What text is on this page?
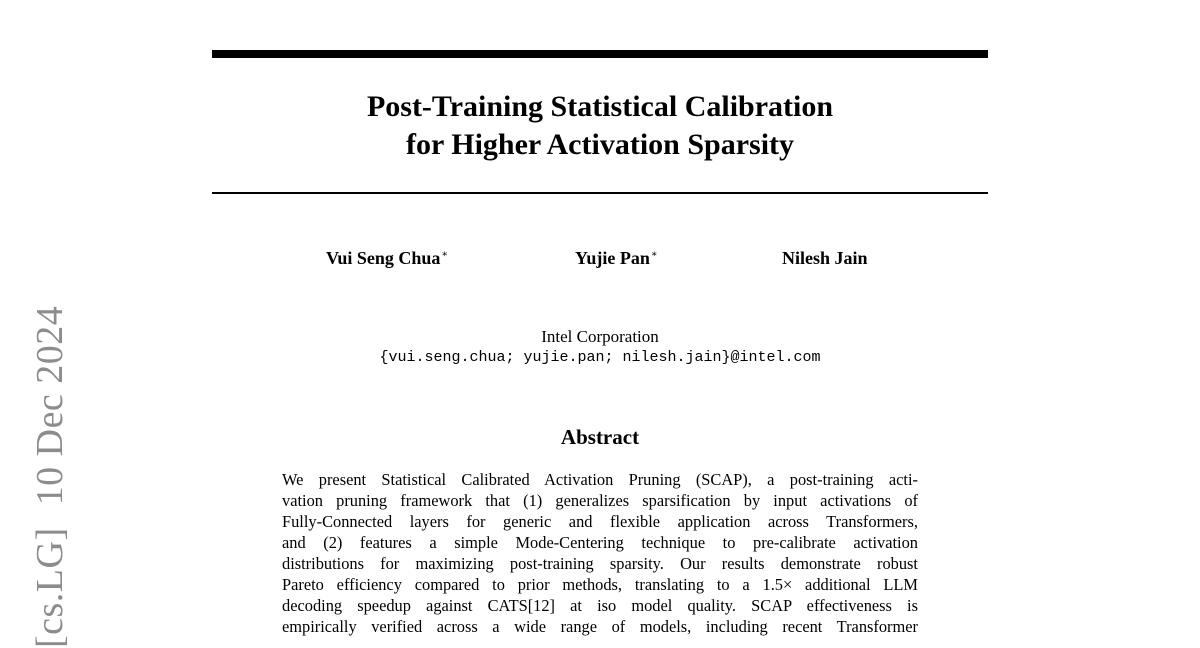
[cs.LG]10 Dec 2024
Post-Training Statistical Calibration
for Higher Activation Sparsity
Vui Seng Chua∗	Yujie Pan∗	Nilesh Jain
Intel Corporation
{vui.seng.chua; yujie.pan; nilesh.jain}@intel.com
Abstract
We present Statistical Calibrated Activation Pruning (SCAP), a post-training acti-
vation pruning framework that (1) generalizes sparsification by input activations of
Fully-Connected layers for generic and flexible application across Transformers,
and (2) features a simple Mode-Centering technique to pre-calibrate activation
distributions for maximizing post-training sparsity. Our results demonstrate robust
Pareto efficiency compared to prior methods, translating to a 1.5× additional LLM
decoding speedup against CATS[12] at iso model quality. SCAP effectiveness is
empirically verified across a wide range of models, including recent Transformer
